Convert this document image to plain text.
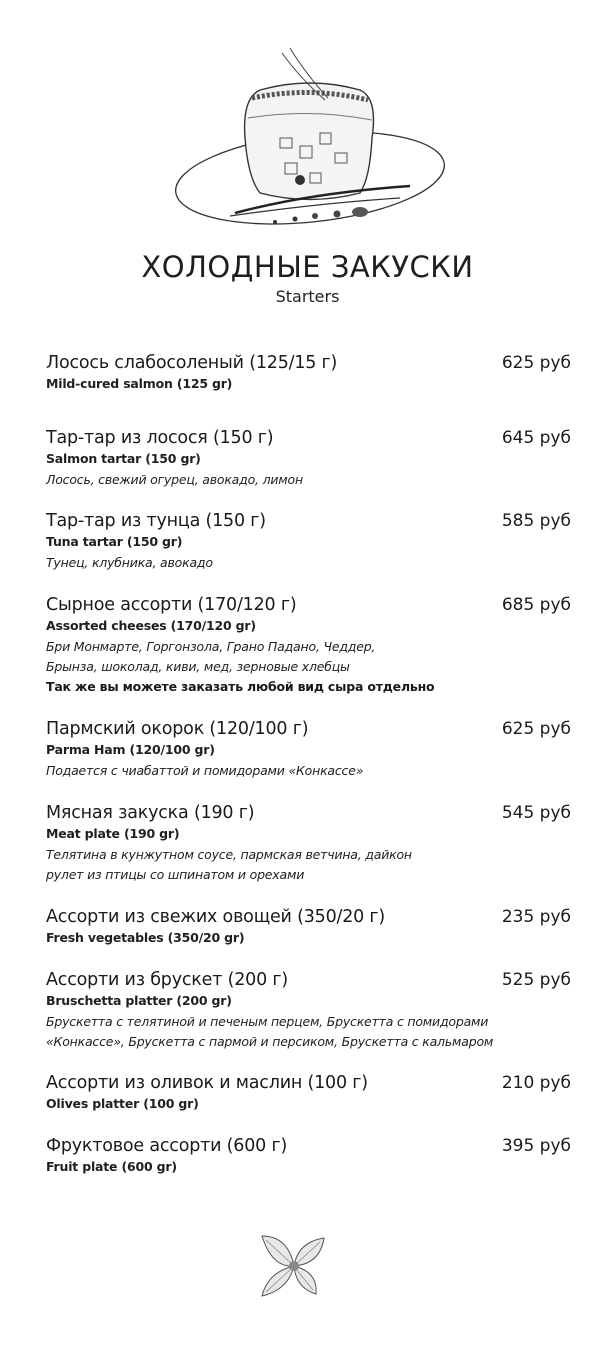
ХОЛОДНЫЕ ЗАКУСКИ
Starters
Лосось слабосоленый (125/15 г)	625 руб
Mild-cured salmon (125 gr)
Тар-тар из лосося (150 г)	645 руб
Salmon tartar (150 gr)
Лосось, свежий огурец, авокадо, лимон
Тар-тар из тунца (150 г)	585 руб
Tuna tartar (150 gr)
Тунец, клубника, авокадо
Сырное ассорти (170/120 г)	685 руб
Assorted cheeses (170/120 gr)
Бри Монмарте, Горгонзола, Грано Падано, Чеддер,
Брынза, шоколад, киви, мед, зерновые хлебцы
Так же вы можете заказать любой вид сыра отдельно
Пармский окорок (120/100 г)	625 руб
Parma Ham (120/100 gr)
Подается с чиабаттой и помидорами «Конкассе»
Мясная закуска (190 г)	545 руб
Meat plate (190 gr)
Телятина в кунжутном соусе, пармская ветчина, дайкон
рулет из птицы со шпинатом и орехами
Ассорти из свежих овощей (350/20 г)	235 руб
Fresh vegetables (350/20 gr)
Ассорти из брускет (200 г)	525 руб
Bruschetta platter (200 gr)
Брускетта с телятиной и печеным перцем, Брускетта с помидорами
«Конкассе», Брускетта с пармой и персиком, Брускетта с кальмаром
Ассорти из оливок и маслин (100 г)	210 руб
Olives platter (100 gr)
Фруктовое ассорти (600 г)	395 руб
Fruit plate (600 gr)
